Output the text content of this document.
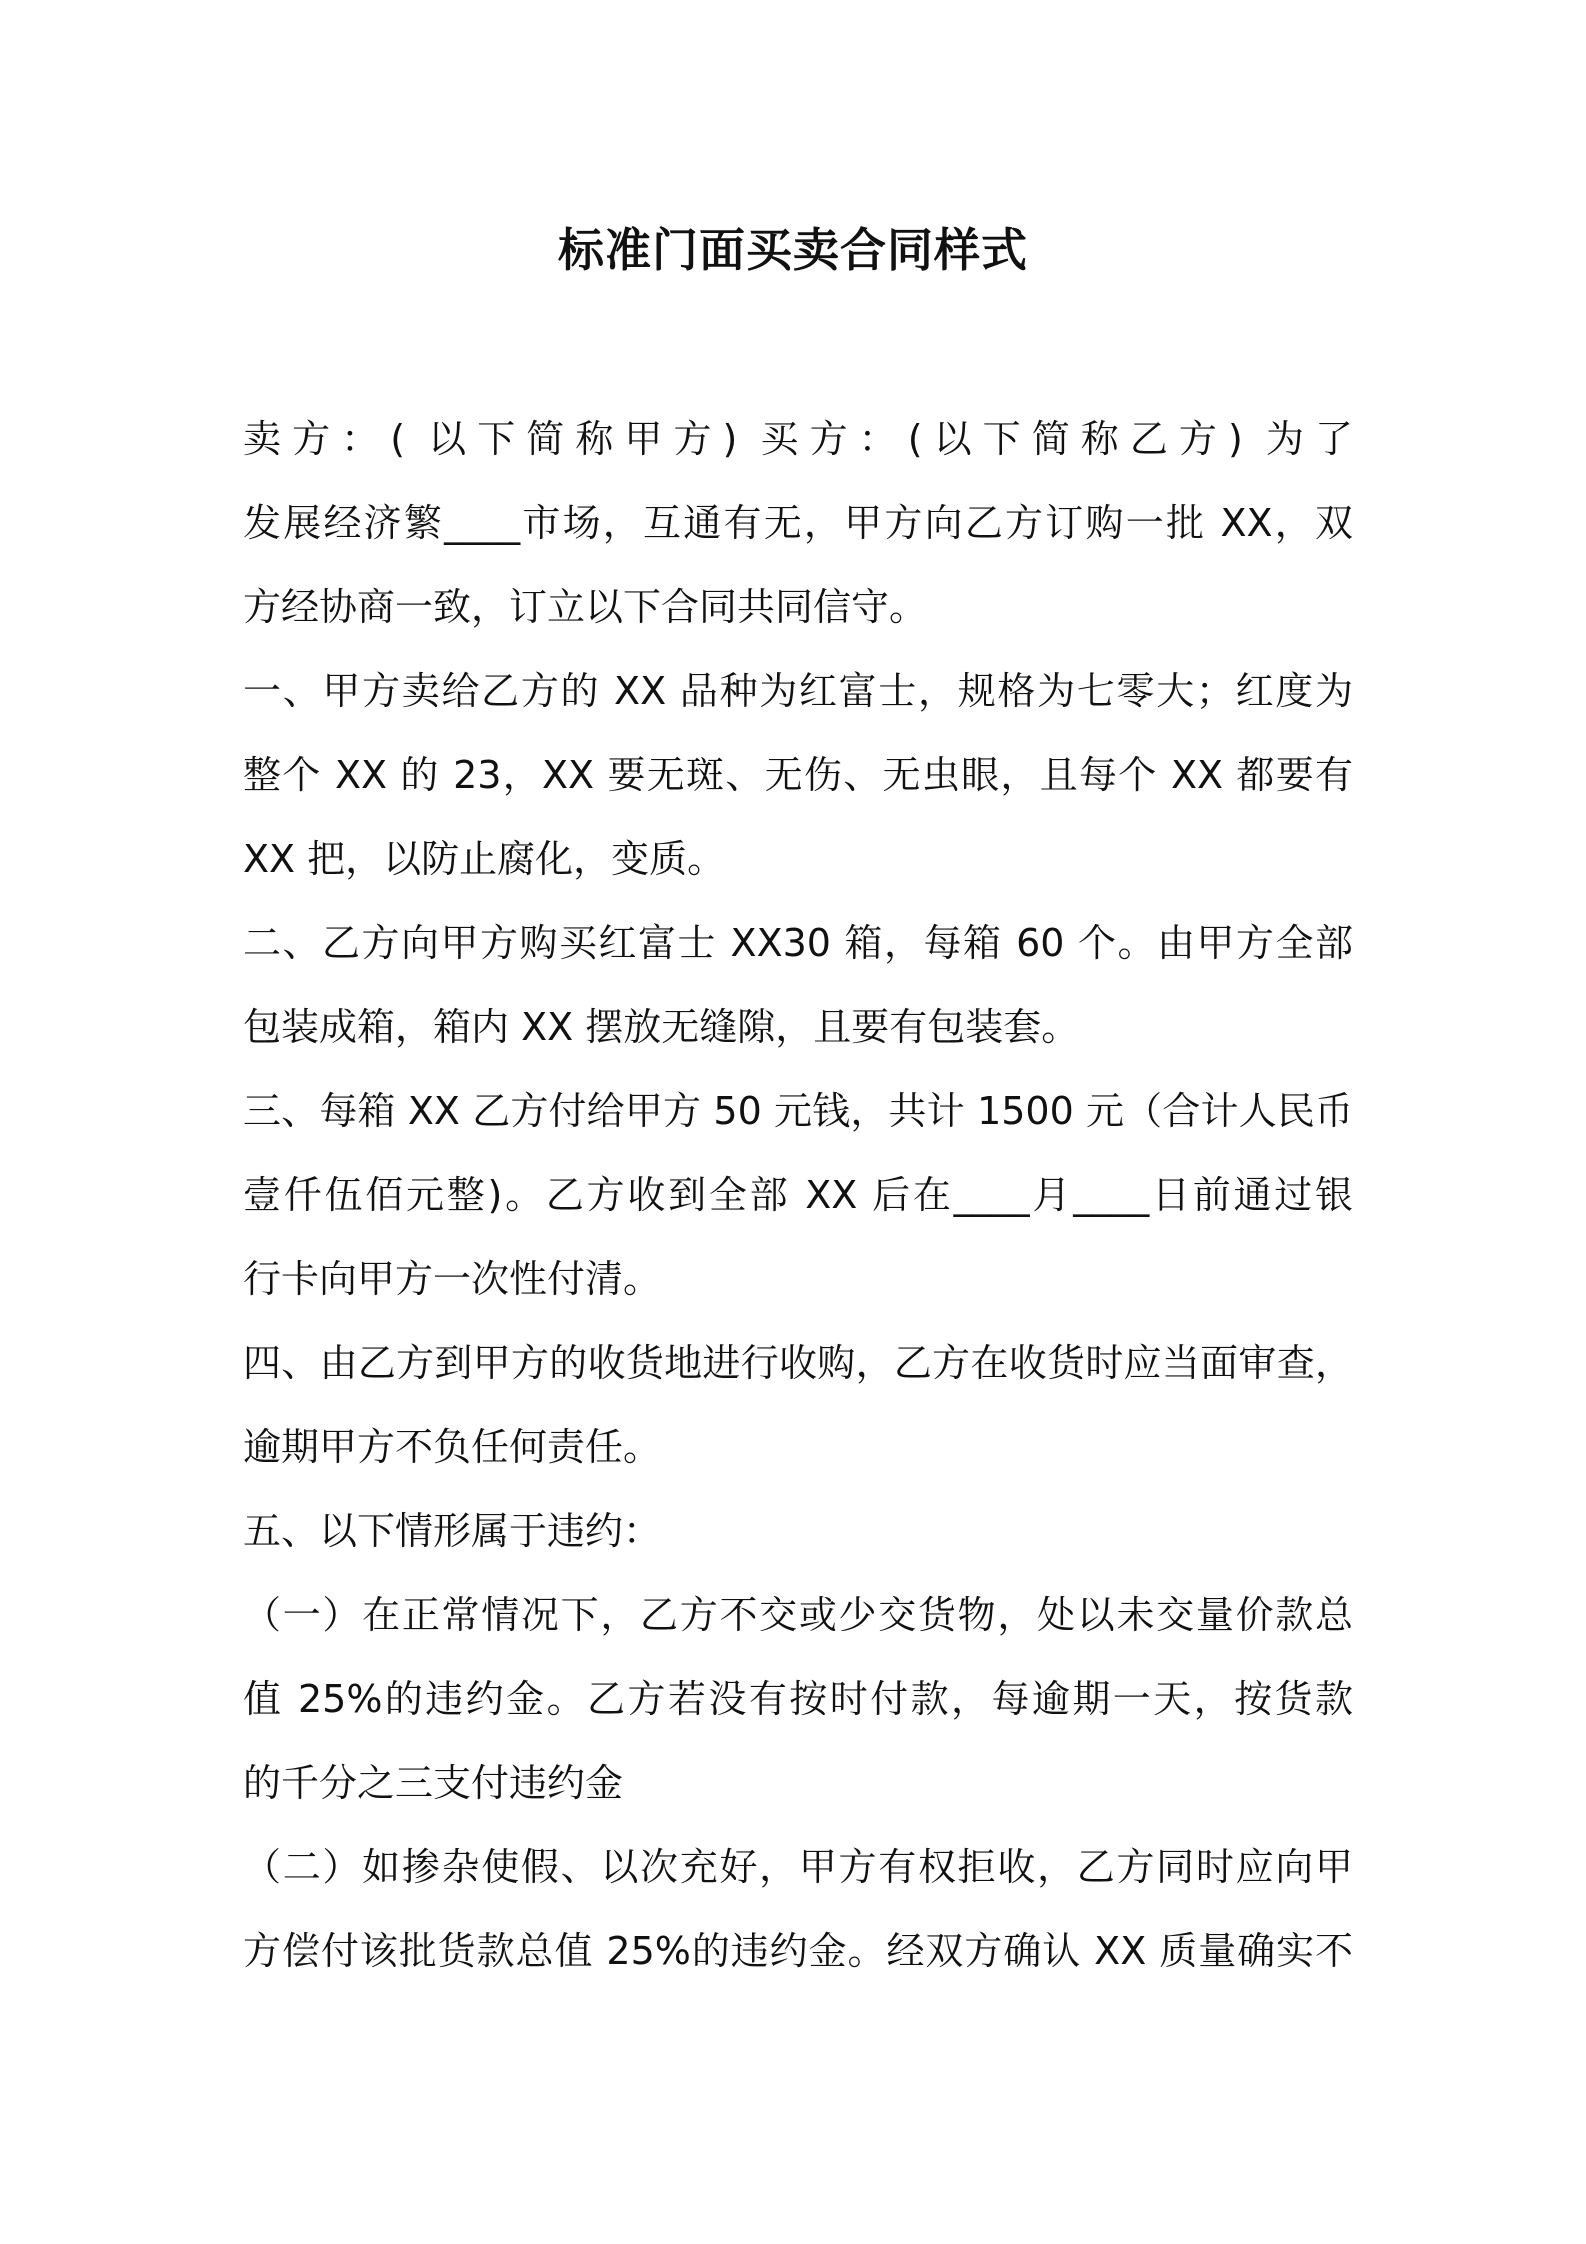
标准门面买卖合同样式
卖方：( 以下简称甲方) 买方：(以下简称乙方) 为了
发展经济繁____市场，互通有无，甲方向乙方订购一批 XX，双
方经协商一致，订立以下合同共同信守。
一、甲方卖给乙方的 XX 品种为红富士，规格为七零大；红度为
整个 XX 的 23，XX 要无斑、无伤、无虫眼，且每个 XX 都要有
XX 把，以防止腐化，变质。
二、乙方向甲方购买红富士 XX30 箱，每箱 60 个。由甲方全部
包装成箱，箱内 XX 摆放无缝隙，且要有包装套。
三、每箱 XX 乙方付给甲方 50 元钱，共计 1500 元（合计人民币
壹仟伍佰元整)。乙方收到全部 XX 后在____月____日前通过银
行卡向甲方一次性付清。
四、由乙方到甲方的收货地进行收购，乙方在收货时应当面审查，
逾期甲方不负任何责任。
五、以下情形属于违约：
（一）在正常情况下，乙方不交或少交货物，处以未交量价款总
值 25%的违约金。乙方若没有按时付款，每逾期一天，按货款
的千分之三支付违约金
（二）如掺杂使假、以次充好，甲方有权拒收，乙方同时应向甲
方偿付该批货款总值 25%的违约金。经双方确认 XX 质量确实不
